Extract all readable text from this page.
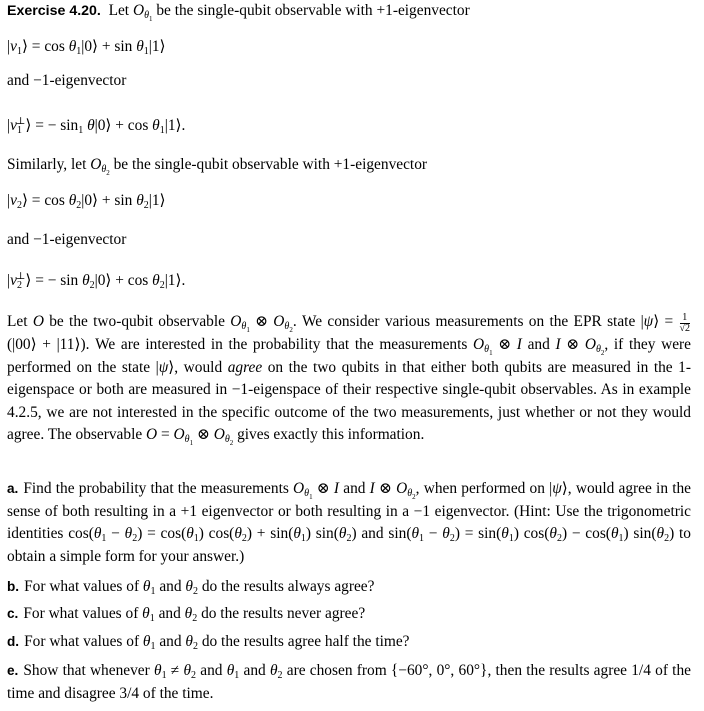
Exercise 4.20.  Let $O_{\theta_1}$ be the single-qubit observable with +1-eigenvector
$|v_1⟩ = \cos$ $\theta_1|0⟩ + \sin$ $\theta_1|1⟩$
and −1-eigenvector
$|v_1^\perp⟩$ = − $\sin_1$ θ|0⟩ + $\cos \theta_1|1⟩$.
Similarly, let $O_{\theta_2}$ be the single-qubit observable with +1-eigenvector
$|v_2⟩ = \cos$ $\theta_2|0⟩ + \sin$ $\theta_2|1⟩$
and −1-eigenvector
$|v_2^\perp⟩$ = − $\sin \theta_2|0⟩ + \cos$ $\theta_2|1⟩$.
Let O be the two-qubit observable $O_{\theta_1}$ ⊗ $O_{\theta_2}$. We consider various measurements on the EPR state |ψ⟩ = $\frac{1}{√2}$
(|00⟩ + |11⟩). We are interested in the probability that the measurements $O_{\theta_1}$ ⊗ I and I ⊗ $O_{\theta_2}$, if they were performed on the state |ψ⟩, would agree on the two qubits in that either both qubits are measured in the 1-eigenspace or both are measured in −1-eigenspace of their respective single-qubit observables. As in example 4.2.5, we are not interested in the specific outcome of the two measurements, just whether or not they would agree. The observable $O = O_{\theta_1}$ ⊗ $O_{\theta_2}$ gives exactly this information.
a. Find the probability that the measurements $O_{\theta_1}$ ⊗ I and I ⊗ $O_{\theta_2}$, when performed on |ψ⟩, would agree in the sense of both resulting in a +1 eigenvector or both resulting in a −1 eigenvector. (Hint: Use the trigonometric identities $\cos(\theta_1 - \theta_2) = \cos(\theta_1) \cos(\theta_2) + \sin(\theta_1)$ $\sin(\theta_2)$ and $\sin(\theta_1 - \theta_2) = \sin(\theta_1) \cos(\theta_2) - \cos(\theta_1)$ $\sin(\theta_2)$ to obtain a simple form for your answer.)
b. For what values of $\theta_1$ and $\theta_2$ do the results always agree?
c. For what values of $\theta_1$ and $\theta_2$ do the results never agree?
d. For what values of $\theta_1$ and $\theta_2$ do the results agree half the time?
e. Show that whenever $\theta_1 \ne \theta_2$ and $\theta_1$ and $\theta_2$ are chosen from {−60°, 0°, 60°}, then the results agree 1/4 of the time and disagree 3/4 of the time.
